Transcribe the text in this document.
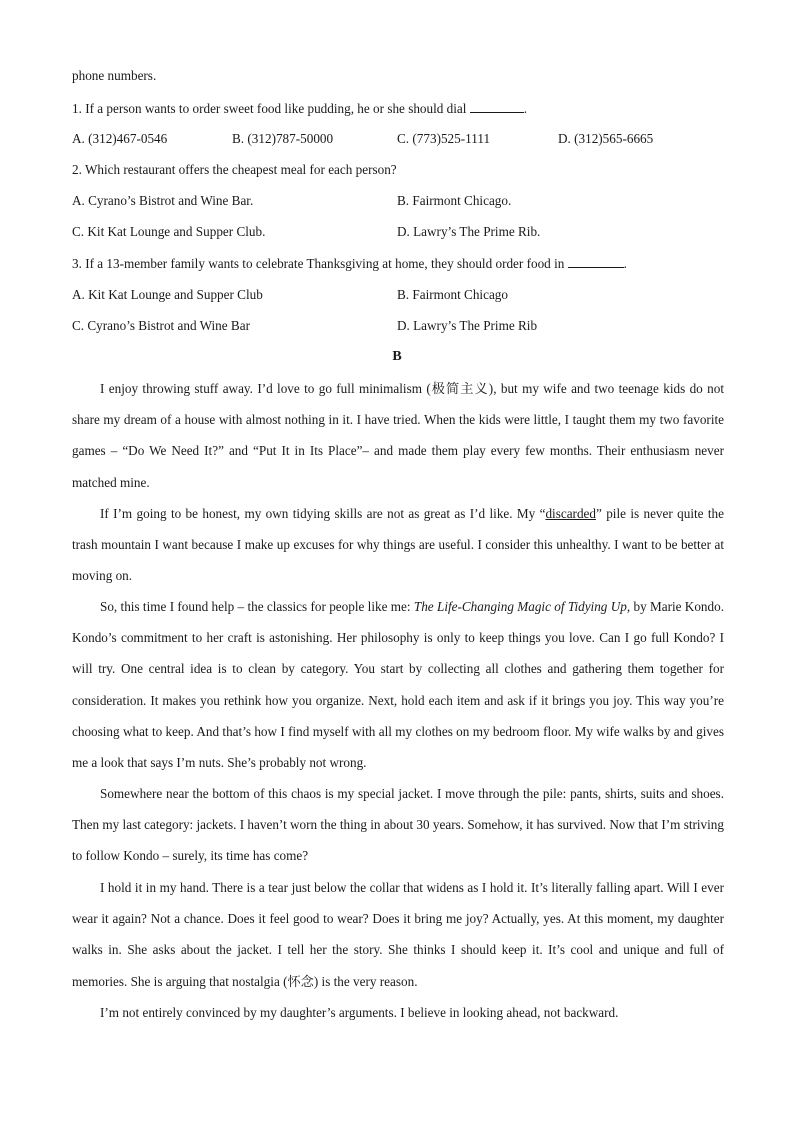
phone numbers.
1. If a person wants to order sweet food like pudding, he or she should dial	.
A. (312)467-0546	B. (312)787-50000	C. (773)525-1111	D. (312)565-6665
2. Which restaurant offers the cheapest meal for each person?
A. Cyrano’s Bistrot and Wine Bar.	B. Fairmont Chicago.
C. Kit Kat Lounge and Supper Club.	D. Lawry’s The Prime Rib.
3. If a 13-member family wants to celebrate Thanksgiving at home, they should order food in	.
A. Kit Kat Lounge and Supper Club	B. Fairmont Chicago
C. Cyrano’s Bistrot and Wine Bar	D. Lawry’s The Prime Rib
B
I enjoy throwing stuff away. I’d love to go full minimalism (极简主义), but my wife and two teenage kids do not share my dream of a house with almost nothing in it. I have tried. When the kids were little, I taught them my two favorite games – “Do We Need It?” and “Put It in Its Place”– and made them play every few months. Their enthusiasm never matched mine.
If I’m going to be honest, my own tidying skills are not as great as I’d like. My “discarded” pile is never quite the trash mountain I want because I make up excuses for why things are useful. I consider this unhealthy. I want to be better at moving on.
So, this time I found help – the classics for people like me: The Life-Changing Magic of Tidying Up, by Marie Kondo. Kondo’s commitment to her craft is astonishing. Her philosophy is only to keep things you love. Can I go full Kondo? I will try. One central idea is to clean by category. You start by collecting all clothes and gathering them together for consideration. It makes you rethink how you organize. Next, hold each item and ask if it brings you joy. This way you’re choosing what to keep. And that’s how I find myself with all my clothes on my bedroom floor. My wife walks by and gives me a look that says I’m nuts. She’s probably not wrong.
Somewhere near the bottom of this chaos is my special jacket. I move through the pile: pants, shirts, suits and shoes. Then my last category: jackets. I haven’t worn the thing in about 30 years. Somehow, it has survived. Now that I’m striving to follow Kondo – surely, its time has come?
I hold it in my hand. There is a tear just below the collar that widens as I hold it. It’s literally falling apart. Will I ever wear it again? Not a chance. Does it feel good to wear? Does it bring me joy? Actually, yes. At this moment, my daughter walks in. She asks about the jacket. I tell her the story. She thinks I should keep it. It’s cool and unique and full of memories. She is arguing that nostalgia (怀念) is the very reason.
I’m not entirely convinced by my daughter’s arguments. I believe in looking ahead, not backward.
